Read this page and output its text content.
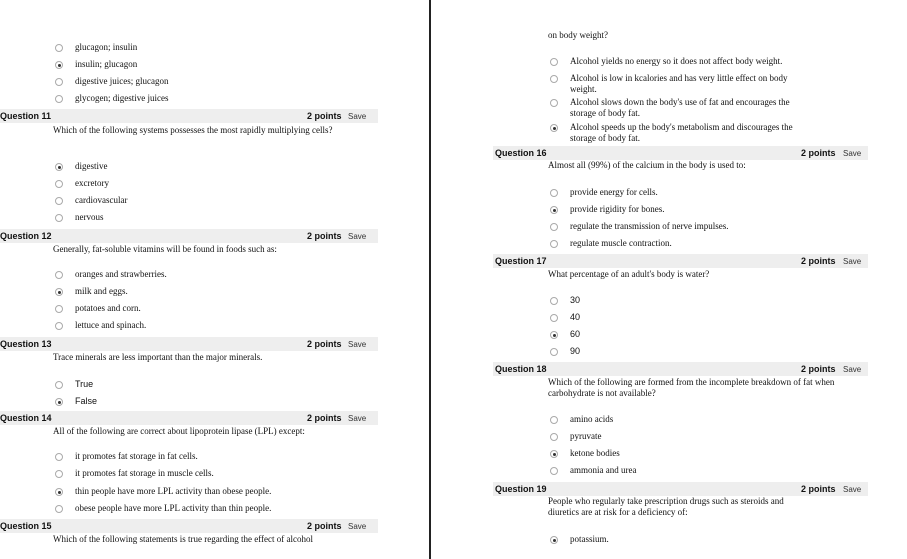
glucagon; insulin
insulin; glucagon
digestive juices; glucagon
glycogen; digestive juices
Question 11	2 points Save
Which of the following systems possesses the most rapidly multiplying cells?
digestive
excretory
cardiovascular
nervous
Question 12	2 points Save
Generally, fat-soluble vitamins will be found in foods such as:
oranges and strawberries.
milk and eggs.
potatoes and corn.
lettuce and spinach.
Question 13	2 points Save
Trace minerals are less important than the major minerals.
True
False
Question 14	2 points Save
All of the following are correct about lipoprotein lipase (LPL) except:
it promotes fat storage in fat cells.
it promotes fat storage in muscle cells.
thin people have more LPL activity than obese people.
obese people have more LPL activity than thin people.
Question 15	2 points Save
Which of the following statements is true regarding the effect of alcohol
on body weight?
Alcohol yields no energy so it does not affect body weight.
Alcohol is low in kcalories and has very little effect on body weight.
Alcohol slows down the body's use of fat and encourages the storage of body fat.
Alcohol speeds up the body's metabolism and discourages the storage of body fat.
Question 16	2 points Save
Almost all (99%) of the calcium in the body is used to:
provide energy for cells.
provide rigidity for bones.
regulate the transmission of nerve impulses.
regulate muscle contraction.
Question 17	2 points Save
What percentage of an adult's body is water?
30
40
60
90
Question 18	2 points Save
Which of the following are formed from the incomplete breakdown of fat when carbohydrate is not available?
amino acids
pyruvate
ketone bodies
ammonia and urea
Question 19	2 points Save
People who regularly take prescription drugs such as steroids and diuretics are at risk for a deficiency of:
potassium.
